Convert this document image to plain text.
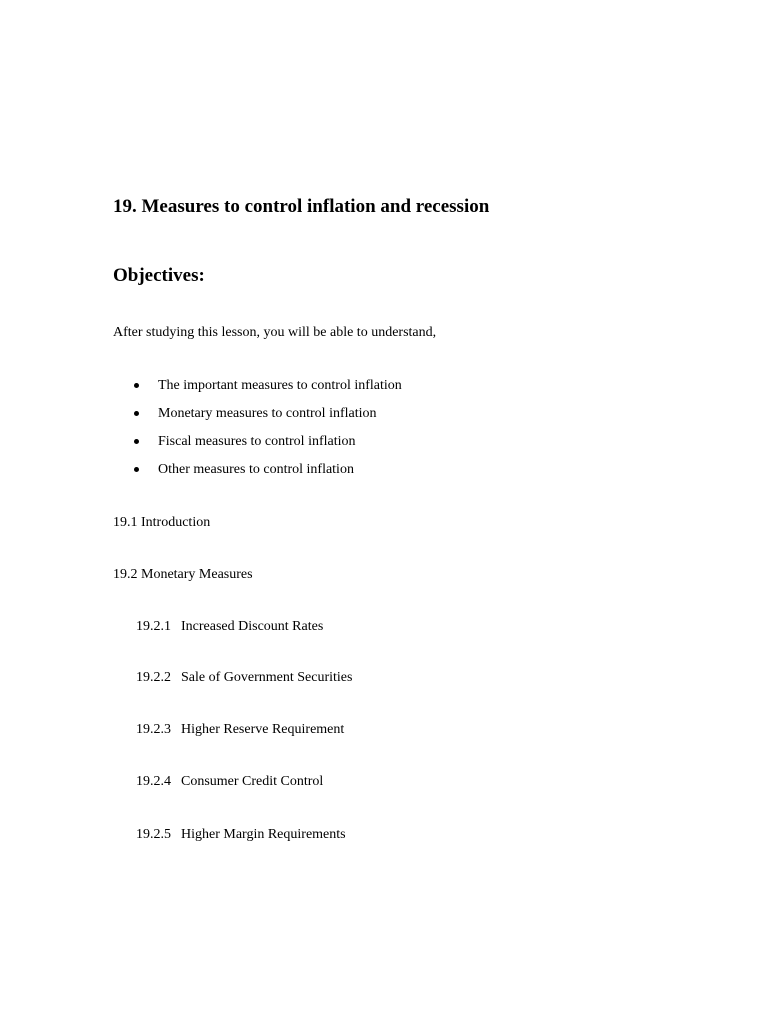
19. Measures to control inflation and recession
Objectives:

After studying this lesson, you will be able to understand,

The important measures to control inflation
Monetary measures to control inflation
Fiscal measures to control inflation
Other measures to control inflation

19.1 Introduction

19.2 Monetary Measures

19.2.1 Increased Discount Rates

19.2.2 Sale of Government Securities

19.2.3 Higher Reserve Requirement

19.2.4 Consumer Credit Control

19.2.5 Higher Margin Requirements
